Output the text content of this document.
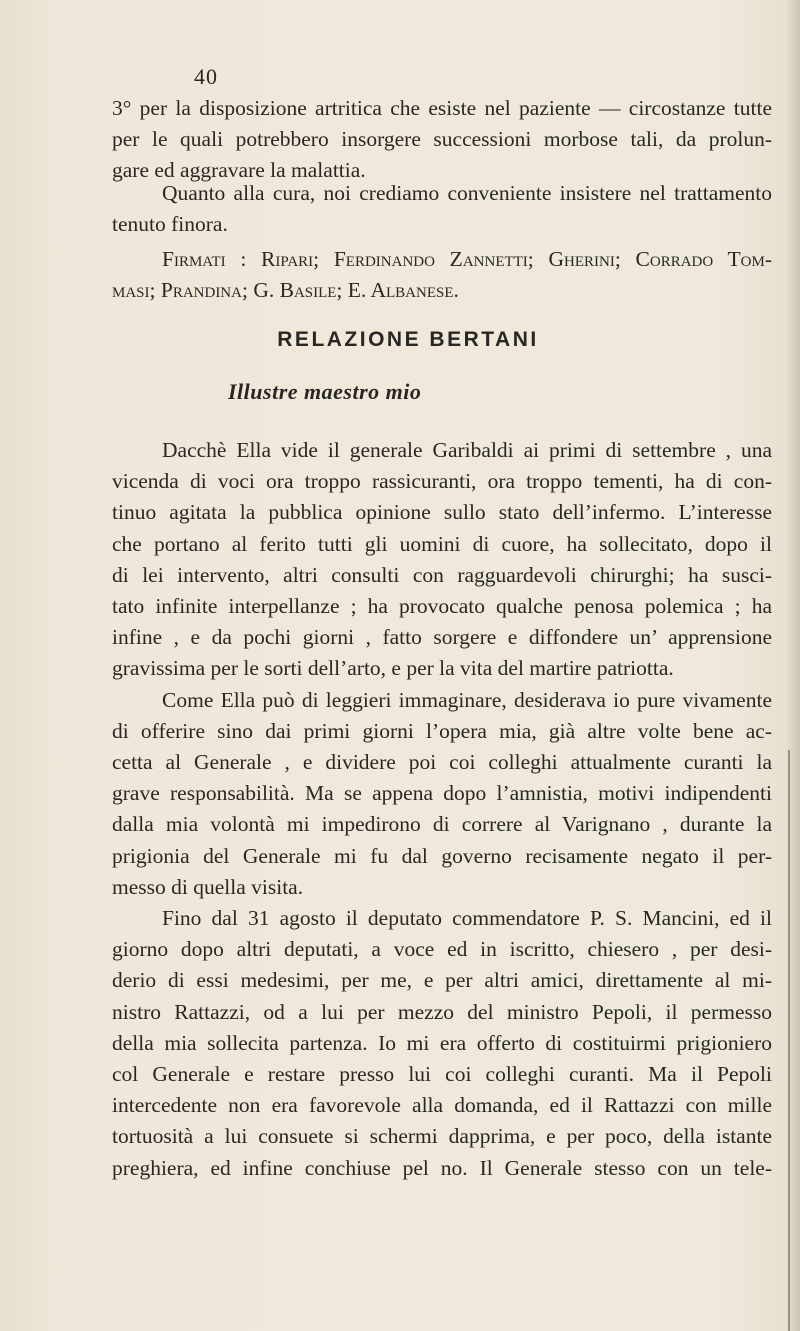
40
3° per la disposizione artritica che esiste nel paziente — circostanze tutte
per le quali potrebbero insorgere successioni morbose tali, da prolun-
gare ed aggravare la malattia.
Quanto alla cura, noi crediamo conveniente insistere nel trattamento
tenuto finora.
Firmati : Ripari; Ferdinando Zannetti; Gherini; Corrado Tom-
masi; Prandina; G. Basile; E. Albanese.
RELAZIONE BERTANI
Illustre maestro mio
Dacchè Ella vide il generale Garibaldi ai primi di settembre , una
vicenda di voci ora troppo rassicuranti, ora troppo tementi, ha di con-
tinuo agitata la pubblica opinione sullo stato dell’infermo. L’interesse
che portano al ferito tutti gli uomini di cuore, ha sollecitato, dopo il
di lei intervento, altri consulti con ragguardevoli chirurghi; ha susci-
tato infinite interpellanze ; ha provocato qualche penosa polemica ; ha
infine , e da pochi giorni , fatto sorgere e diffondere un’ apprensione
gravissima per le sorti dell’arto, e per la vita del martire patriotta.
Come Ella può di leggieri immaginare, desiderava io pure vivamente
di offerire sino dai primi giorni l’opera mia, già altre volte bene ac-
cetta al Generale , e dividere poi coi colleghi attualmente curanti la
grave responsabilità. Ma se appena dopo l’amnistia, motivi indipendenti
dalla mia volontà mi impedirono di correre al Varignano , durante la
prigionia del Generale mi fu dal governo recisamente negato il per-
messo di quella visita.
Fino dal 31 agosto il deputato commendatore P. S. Mancini, ed il
giorno dopo altri deputati, a voce ed in iscritto, chiesero , per desi-
derio di essi medesimi, per me, e per altri amici, direttamente al mi-
nistro Rattazzi, od a lui per mezzo del ministro Pepoli, il permesso
della mia sollecita partenza. Io mi era offerto di costituirmi prigioniero
col Generale e restare presso lui coi colleghi curanti. Ma il Pepoli
intercedente non era favorevole alla domanda, ed il Rattazzi con mille
tortuosità a lui consuete si schermi dapprima, e per poco, della istante
preghiera, ed infine conchiuse pel no. Il Generale stesso con un tele-
